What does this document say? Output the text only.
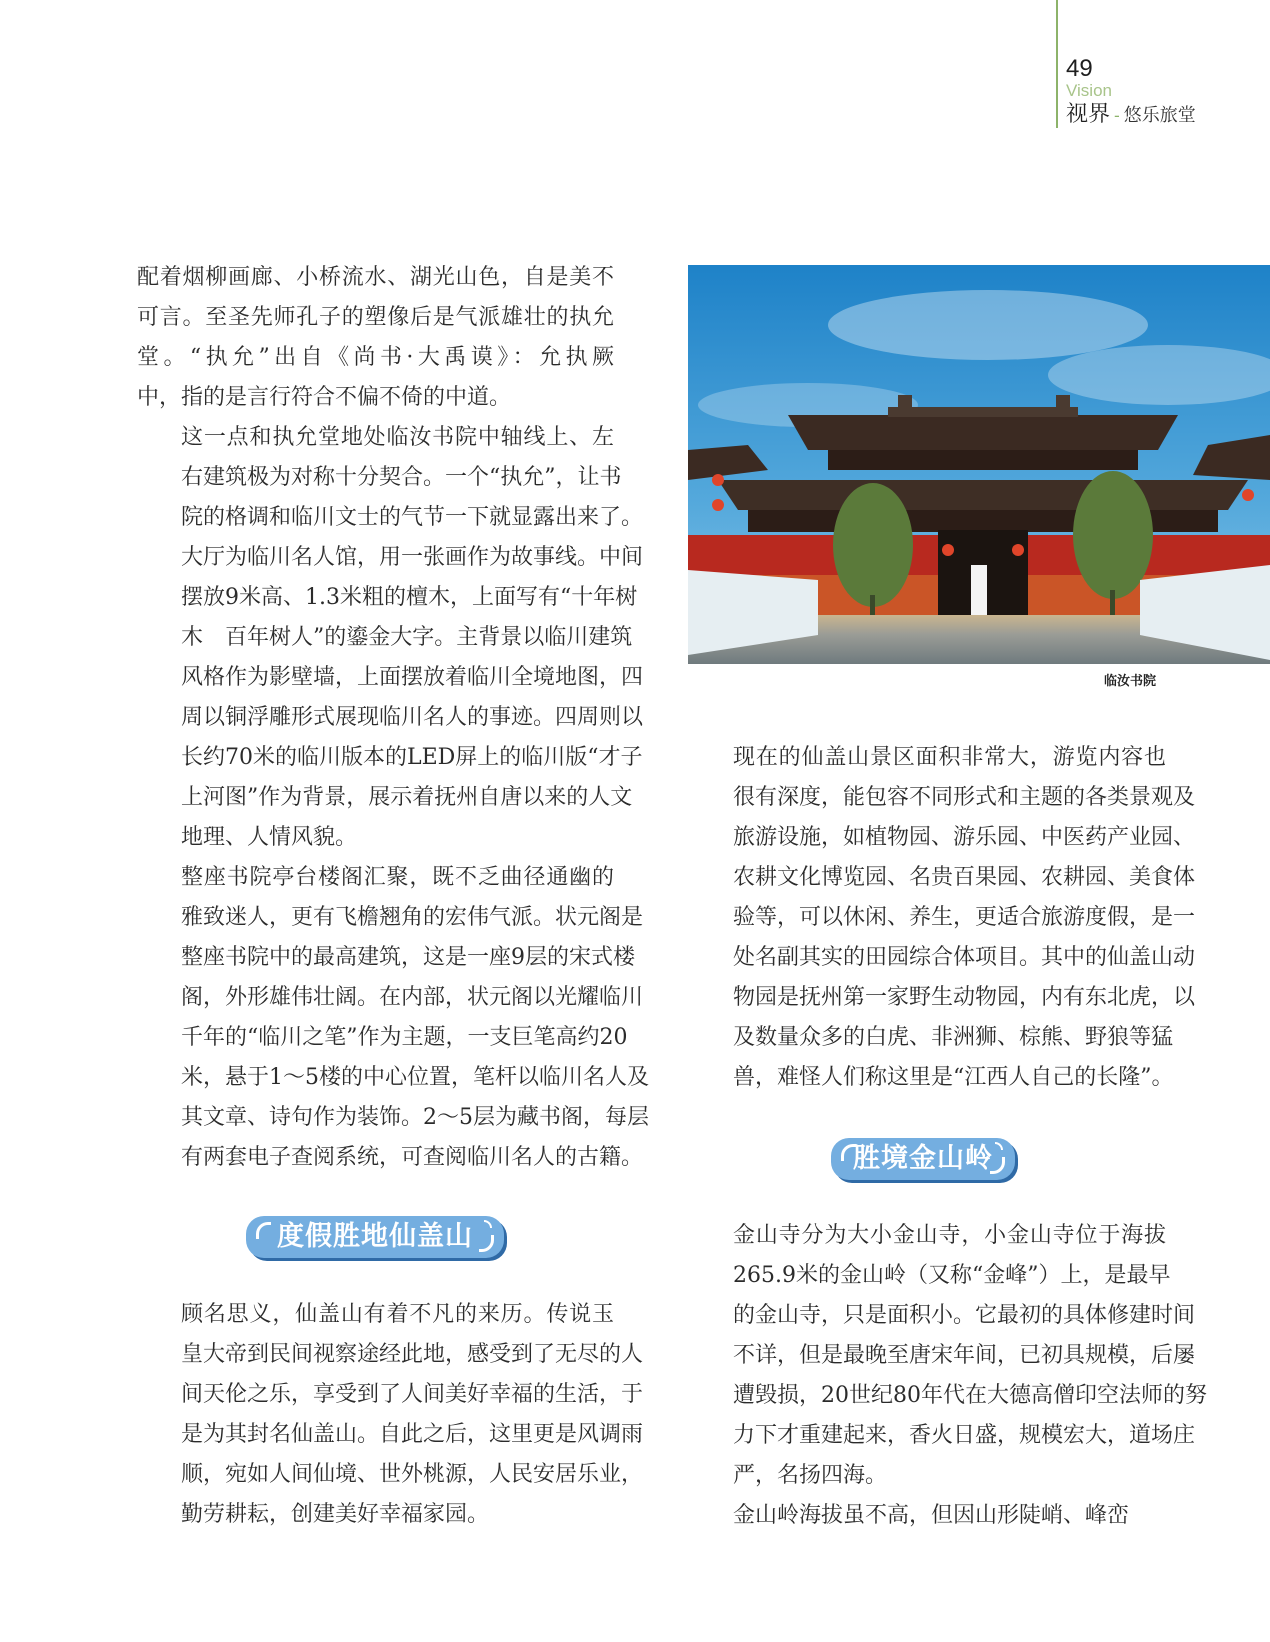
49
Vision
视界 - 悠乐旅堂

配着烟柳画廊、小桥流水、湖光山色，自是美不
可言。至圣先师孔子的塑像后是气派雄壮的执允
堂。“执允”出自《尚书·大禹谟》：允执厥
中，指的是言行符合不偏不倚的中道。

这一点和执允堂地处临汝书院中轴线上、左
右建筑极为对称十分契合。一个“执允”，让书
院的格调和临川文士的气节一下就显露出来了。
大厅为临川名人馆，用一张画作为故事线。中间
摆放9米高、1.3米粗的檀木，上面写有“十年树
木　百年树人”的鎏金大字。主背景以临川建筑
风格作为影壁墙，上面摆放着临川全境地图，四
周以铜浮雕形式展现临川名人的事迹。四周则以
长约70米的临川版本的LED屏上的临川版“才子
上河图”作为背景，展示着抚州自唐以来的人文
地理、人情风貌。

整座书院亭台楼阁汇聚，既不乏曲径通幽的
雅致迷人，更有飞檐翘角的宏伟气派。状元阁是
整座书院中的最高建筑，这是一座9层的宋式楼
阁，外形雄伟壮阔。在内部，状元阁以光耀临川
千年的“临川之笔”作为主题，一支巨笔高约20
米，悬于1～5楼的中心位置，笔杆以临川名人及
其文章、诗句作为装饰。2～5层为藏书阁，每层
有两套电子查阅系统，可查阅临川名人的古籍。

度假胜地仙盖山

顾名思义，仙盖山有着不凡的来历。传说玉
皇大帝到民间视察途经此地，感受到了无尽的人
间天伦之乐，享受到了人间美好幸福的生活，于
是为其封名仙盖山。自此之后，这里更是风调雨
顺，宛如人间仙境、世外桃源，人民安居乐业，
勤劳耕耘，创建美好幸福家园。

临汝书院

现在的仙盖山景区面积非常大，游览内容也
很有深度，能包容不同形式和主题的各类景观及
旅游设施，如植物园、游乐园、中医药产业园、
农耕文化博览园、名贵百果园、农耕园、美食体
验等，可以休闲、养生，更适合旅游度假，是一
处名副其实的田园综合体项目。其中的仙盖山动
物园是抚州第一家野生动物园，内有东北虎，以
及数量众多的白虎、非洲狮、棕熊、野狼等猛
兽，难怪人们称这里是“江西人自己的长隆”。

胜境金山岭

金山寺分为大小金山寺，小金山寺位于海拔
265.9米的金山岭（又称“金峰”）上，是最早
的金山寺，只是面积小。它最初的具体修建时间
不详，但是最晚至唐宋年间，已初具规模，后屡
遭毁损，20世纪80年代在大德高僧印空法师的努
力下才重建起来，香火日盛，规模宏大，道场庄
严，名扬四海。

金山岭海拔虽不高，但因山形陡峭、峰峦
